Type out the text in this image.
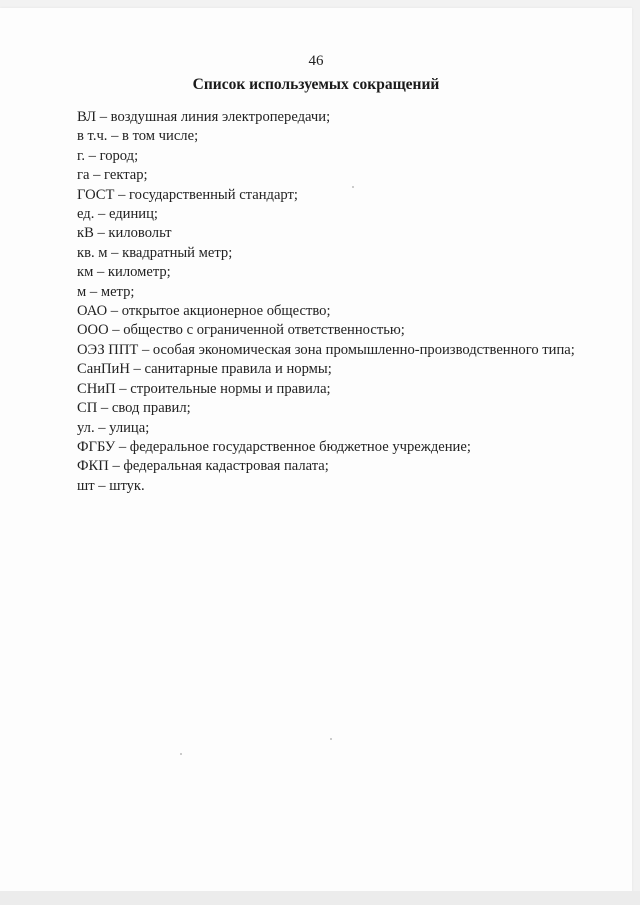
46
Список используемых сокращений
ВЛ – воздушная линия электропередачи;
в т.ч. – в том числе;
г. – город;
га – гектар;
ГОСТ – государственный стандарт;
ед. – единиц;
кВ – киловольт
кв. м – квадратный метр;
км – километр;
м – метр;
ОАО – открытое акционерное общество;
ООО – общество с ограниченной ответственностью;
ОЭЗ ППТ – особая экономическая зона промышленно-производственного типа;
СанПиН – санитарные правила и нормы;
СНиП – строительные нормы и правила;
СП – свод правил;
ул. – улица;
ФГБУ – федеральное государственное бюджетное учреждение;
ФКП – федеральная кадастровая палата;
шт – штук.
